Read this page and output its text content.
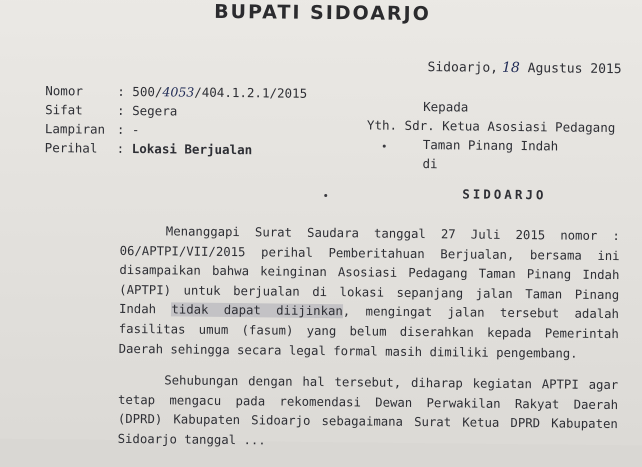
BUPATI SIDOARJO
Sidoarjo, 18 Agustus 2015
Nomor	: 500/4053/404.1.2.1/2015
Sifat	: Segera
Lampiran : -
Perihal	: Lokasi Berjualan
Kepada
Yth. Sdr. Ketua Asosiasi Pedagang
Taman Pinang Indah
di
SIDOARJO

Menanggapi Surat Saudara tanggal 27 Juli 2015 nomor : 06/APTPI/VII/2015 perihal Pemberitahuan Berjualan, bersama ini disampaikan bahwa keinginan Asosiasi Pedagang Taman Pinang Indah (APTPI) untuk berjualan di lokasi sepanjang jalan Taman Pinang Indah tidak dapat diijinkan, mengingat jalan tersebut adalah fasilitas umum (fasum) yang belum diserahkan kepada Pemerintah Daerah sehingga secara legal formal masih dimiliki pengembang.

Sehubungan dengan hal tersebut, diharap kegiatan APTPI agar tetap mengacu pada rekomendasi Dewan Perwakilan Rakyat Daerah (DPRD) Kabupaten Sidoarjo sebagaimana Surat Ketua DPRD Kabupaten Sidoarjo tanggal ...
